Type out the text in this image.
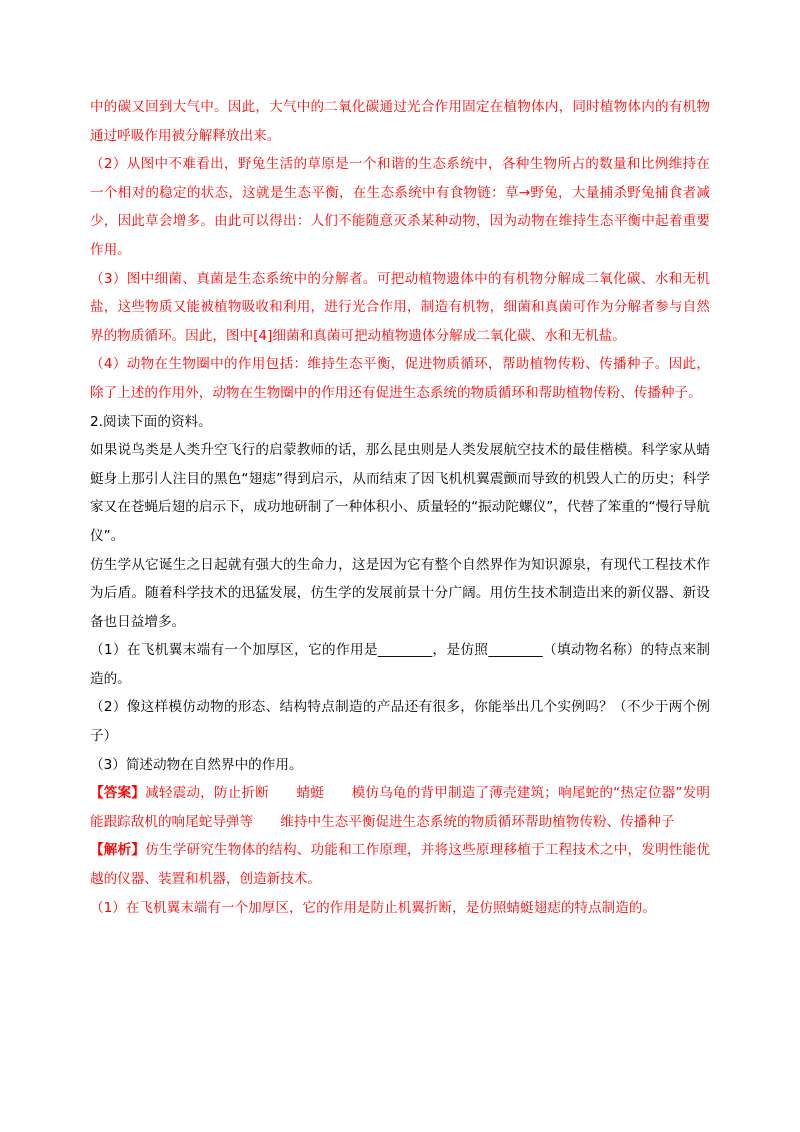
中的碳又回到大气中。因此，大气中的二氧化碳通过光合作用固定在植物体内，同时植物体内的有机物通过呼吸作用被分解释放出来。

（2）从图中不难看出，野兔生活的草原是一个和谐的生态系统中，各种生物所占的数量和比例维持在一个相对的稳定的状态，这就是生态平衡，在生态系统中有食物链：草→野兔，大量捕杀野兔捕食者减少，因此草会增多。由此可以得出：人们不能随意灭杀某种动物，因为动物在维持生态平衡中起着重要作用。

（3）图中细菌、真菌是生态系统中的分解者。可把动植物遗体中的有机物分解成二氧化碳、水和无机盐，这些物质又能被植物吸收和利用，进行光合作用，制造有机物，细菌和真菌可作为分解者参与自然界的物质循环。因此，图中[4]细菌和真菌可把动植物遗体分解成二氧化碳、水和无机盐。

（4）动物在生物圈中的作用包括：维持生态平衡，促进物质循环，帮助植物传粉、传播种子。因此，除了上述的作用外，动物在生物圈中的作用还有促进生态系统的物质循环和帮助植物传粉、传播种子。

2.阅读下面的资料。

如果说鸟类是人类升空飞行的启蒙教师的话，那么昆虫则是人类发展航空技术的最佳楷模。科学家从蜻蜓身上那引人注目的黑色“翅痣”得到启示，从而结束了因飞机机翼震颤而导致的机毁人亡的历史；科学家又在苍蝇后翅的启示下，成功地研制了一种体积小、质量轻的“振动陀螺仪”，代替了笨重的“慢行导航仪”。

仿生学从它诞生之日起就有强大的生命力，这是因为它有整个自然界作为知识源泉，有现代工程技术作为后盾。随着科学技术的迅猛发展，仿生学的发展前景十分广阔。用仿生技术制造出来的新仪器、新设备也日益增多。

（1）在飞机翼末端有一个加厚区，它的作用是________，是仿照________（填动物名称）的特点来制造的。

（2）像这样模仿动物的形态、结构特点制造的产品还有很多，你能举出几个实例吗？（不少于两个例子）

（3）简述动物在自然界中的作用。

【答案】减轻震动，防止折断　　蜻蜓　　模仿乌龟的背甲制造了薄壳建筑；响尾蛇的“热定位器”发明能跟踪敌机的响尾蛇导弹等　　维持中生态平衡促进生态系统的物质循环帮助植物传粉、传播种子

【解析】仿生学研究生物体的结构、功能和工作原理，并将这些原理移植于工程技术之中，发明性能优越的仪器、装置和机器，创造新技术。

（1）在飞机翼末端有一个加厚区，它的作用是防止机翼折断，是仿照蜻蜓翅痣的特点制造的。
